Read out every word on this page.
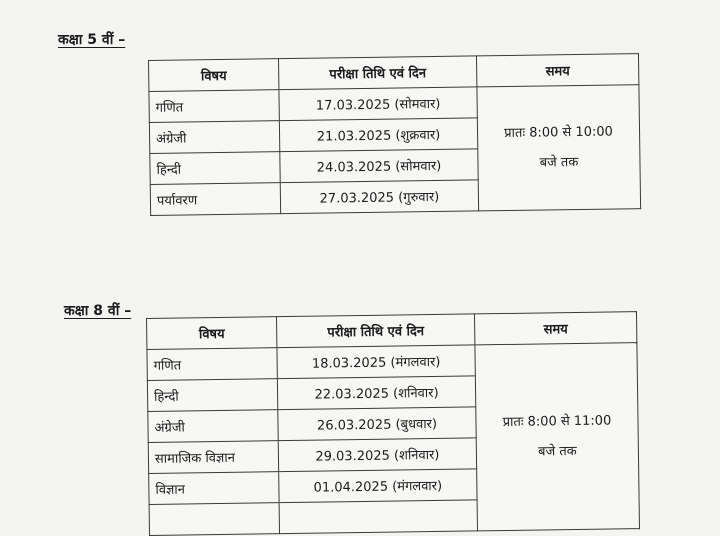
कक्षा 5 वीं –
विषय	परीक्षा तिथि एवं दिन	समय
गणित	17.03.2025 (सोमवार)	प्रातः 8:00 से 10:00
बजे तक

अंग्रेजी	21.03.2025 (शुक्रवार)	
हिन्दी	24.03.2025 (सोमवार)	
पर्यावरण	27.03.2025 (गुरुवार)	
कक्षा 8 वीं –
विषय	परीक्षा तिथि एवं दिन	समय
गणित	18.03.2025 (मंगलवार)	प्रातः 8:00 से 11:00
बजे तक

हिन्दी	22.03.2025 (शनिवार)	
अंग्रेजी	26.03.2025 (बुधवार)	
सामाजिक विज्ञान	29.03.2025 (शनिवार)	
विज्ञान	01.04.2025 (मंगलवार)	
